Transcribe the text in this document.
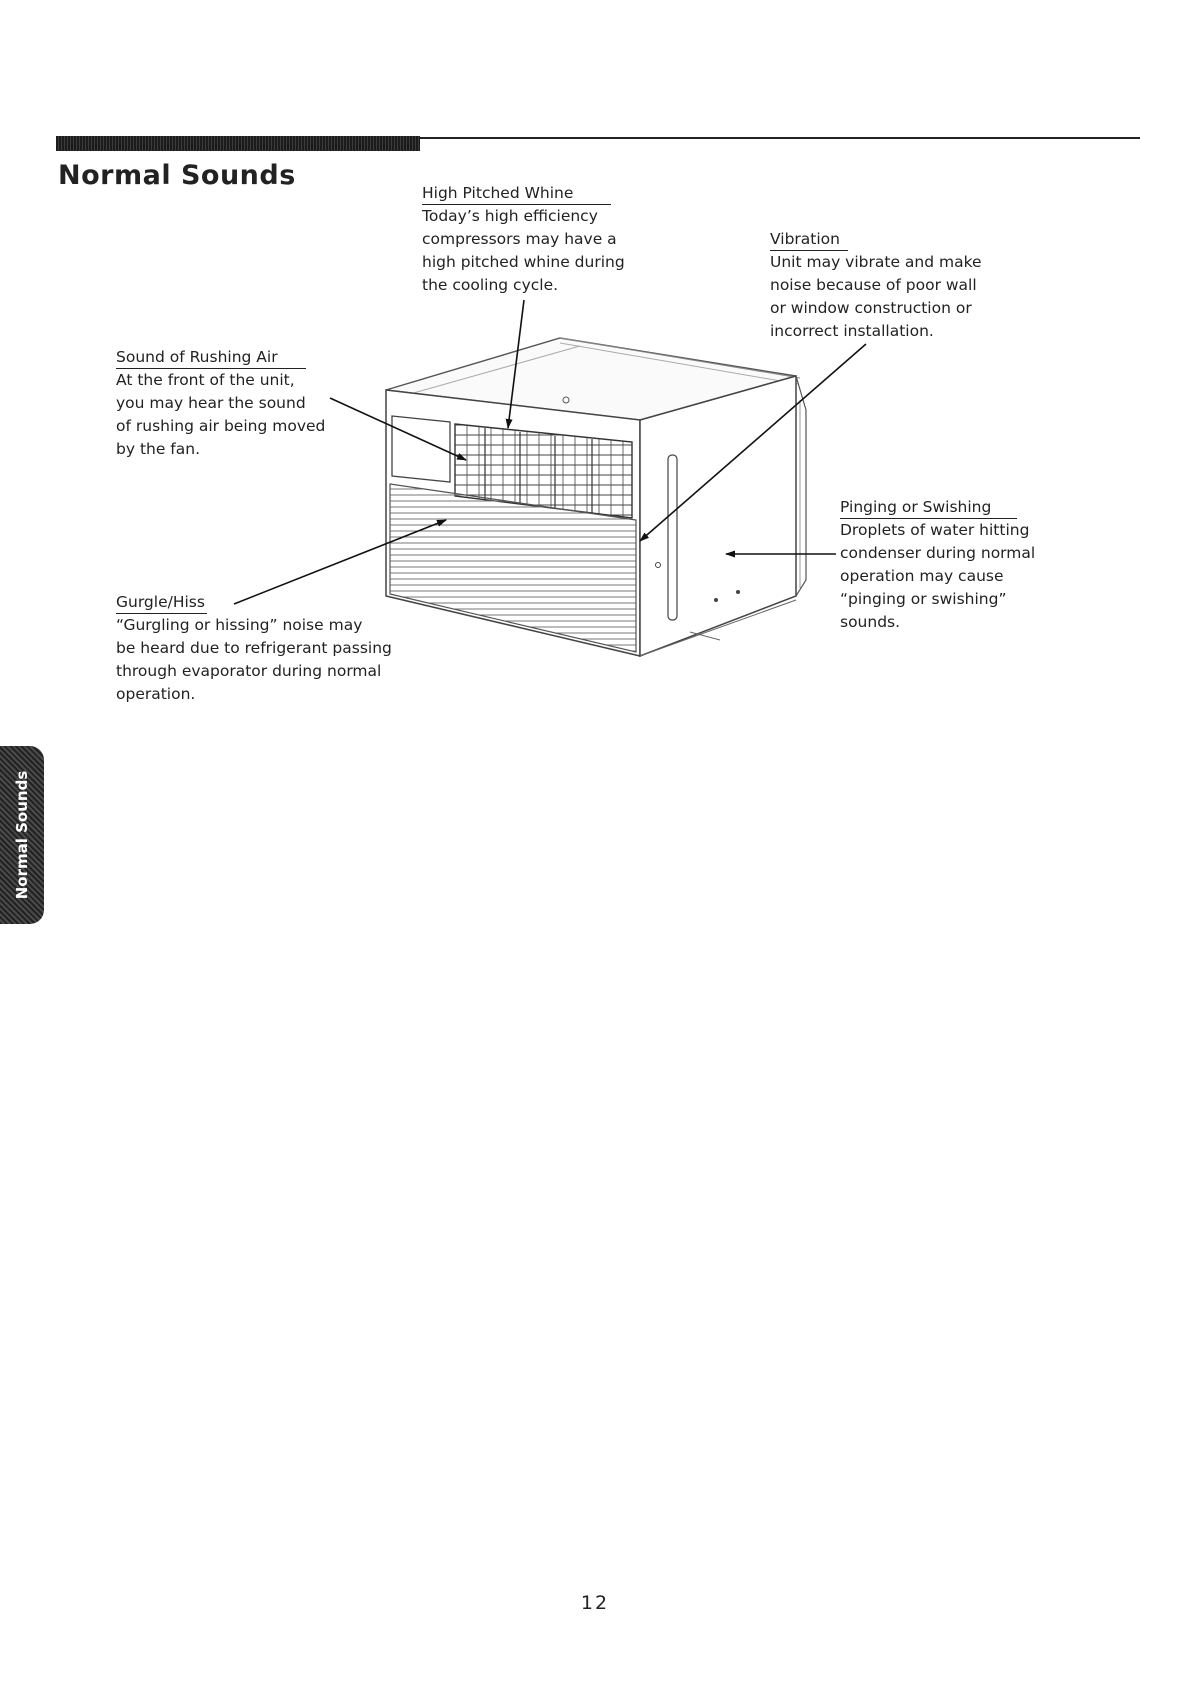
Normal Sounds
High Pitched Whine

Today’s high efficiency

compressors may have a

high pitched whine during

the cooling cycle.

Vibration

Unit may vibrate and make

noise because of poor wall

or window construction or

incorrect installation.

Sound of Rushing Air

At the front of the unit,

you may hear the sound

of rushing air being moved

by the fan.

Pinging or Swishing

Droplets of water hitting

condenser during normal

operation may cause

“pinging or swishing”

sounds.

Gurgle/Hiss

“Gurgling or hissing” noise may

be heard due to refrigerant passing

through evaporator during normal

operation.

Normal Sounds
12
